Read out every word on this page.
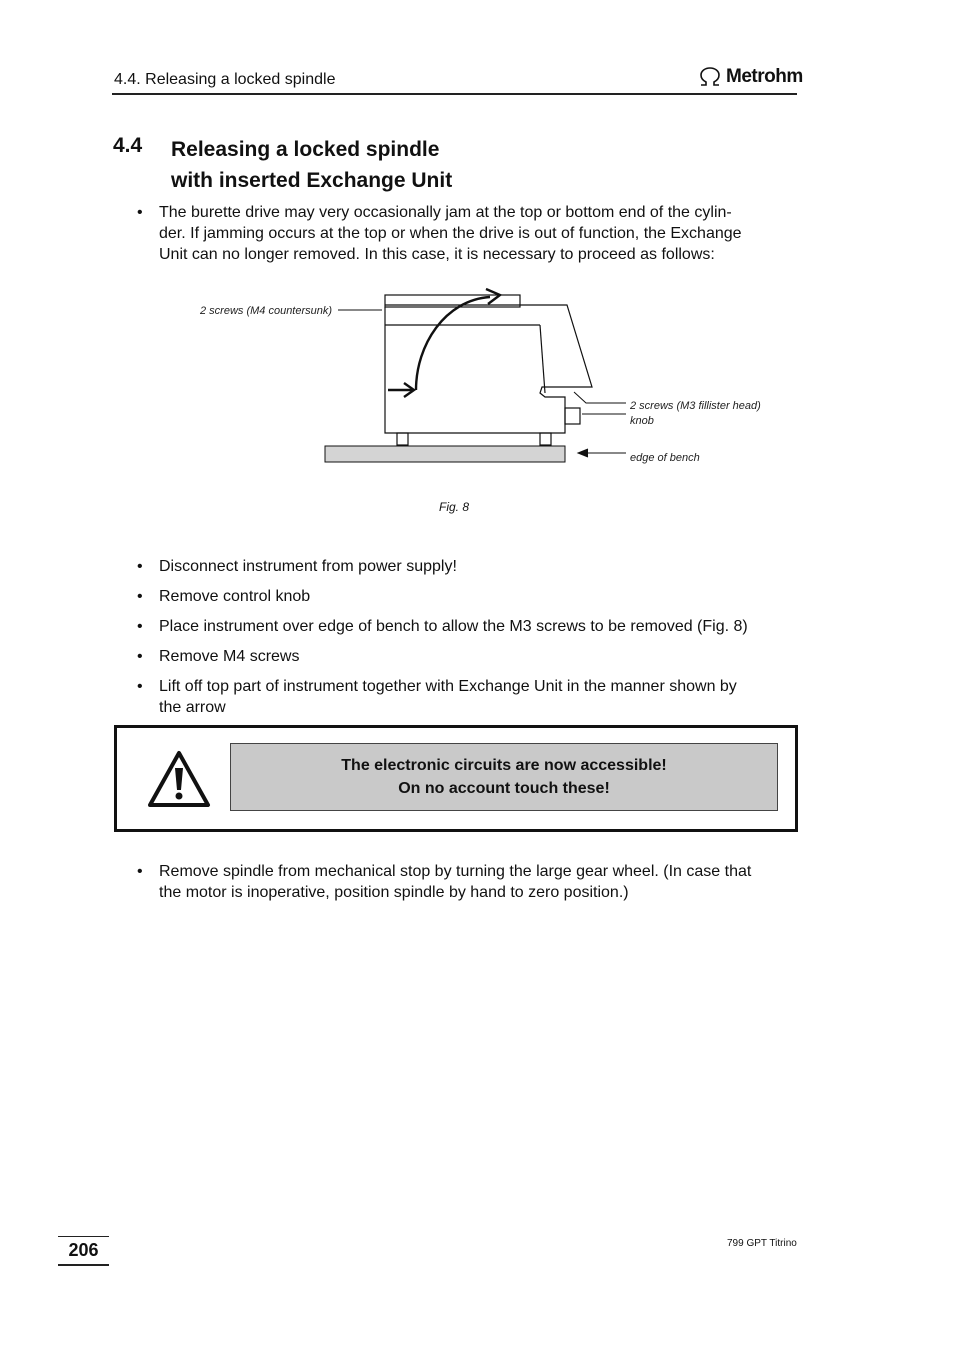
4.4. Releasing a locked spindle	Metrohm
4.4 Releasing a locked spindle
with inserted Exchange Unit
• The burette drive may very occasionally jam at the top or bottom end of the cylin-
der. If jamming occurs at the top or when the drive is out of function, the Exchange
Unit can no longer removed. In this case, it is necessary to proceed as follows:
2 screws (M4 countersunk)
2 screws (M3 fillister head)
knob
edge of bench
Fig. 8
• Disconnect instrument from power supply!
• Remove control knob
• Place instrument over edge of bench to allow the M3 screws to be removed (Fig. 8)
• Remove M4 screws
• Lift off top part of instrument together with Exchange Unit in the manner shown by
the arrow
The electronic circuits are now accessible!
On no account touch these!
• Remove spindle from mechanical stop by turning the large gear wheel. (In case that
the motor is inoperative, position spindle by hand to zero position.)
206	799 GPT Titrino
